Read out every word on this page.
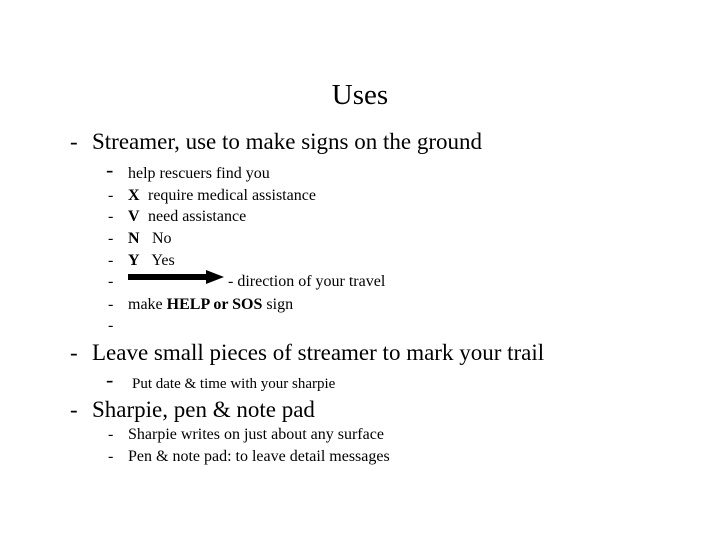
Uses
- Streamer, use to make signs on the ground
- help rescuers find you
- X require medical assistance
- V need assistance
- N No
- Y Yes
-	- direction of your travel
- make HELP or SOS sign
-
- Leave small pieces of streamer to mark your trail
- Put date & time with your sharpie
- Sharpie, pen & note pad
- Sharpie writes on just about any surface
- Pen & note pad: to leave detail messages
